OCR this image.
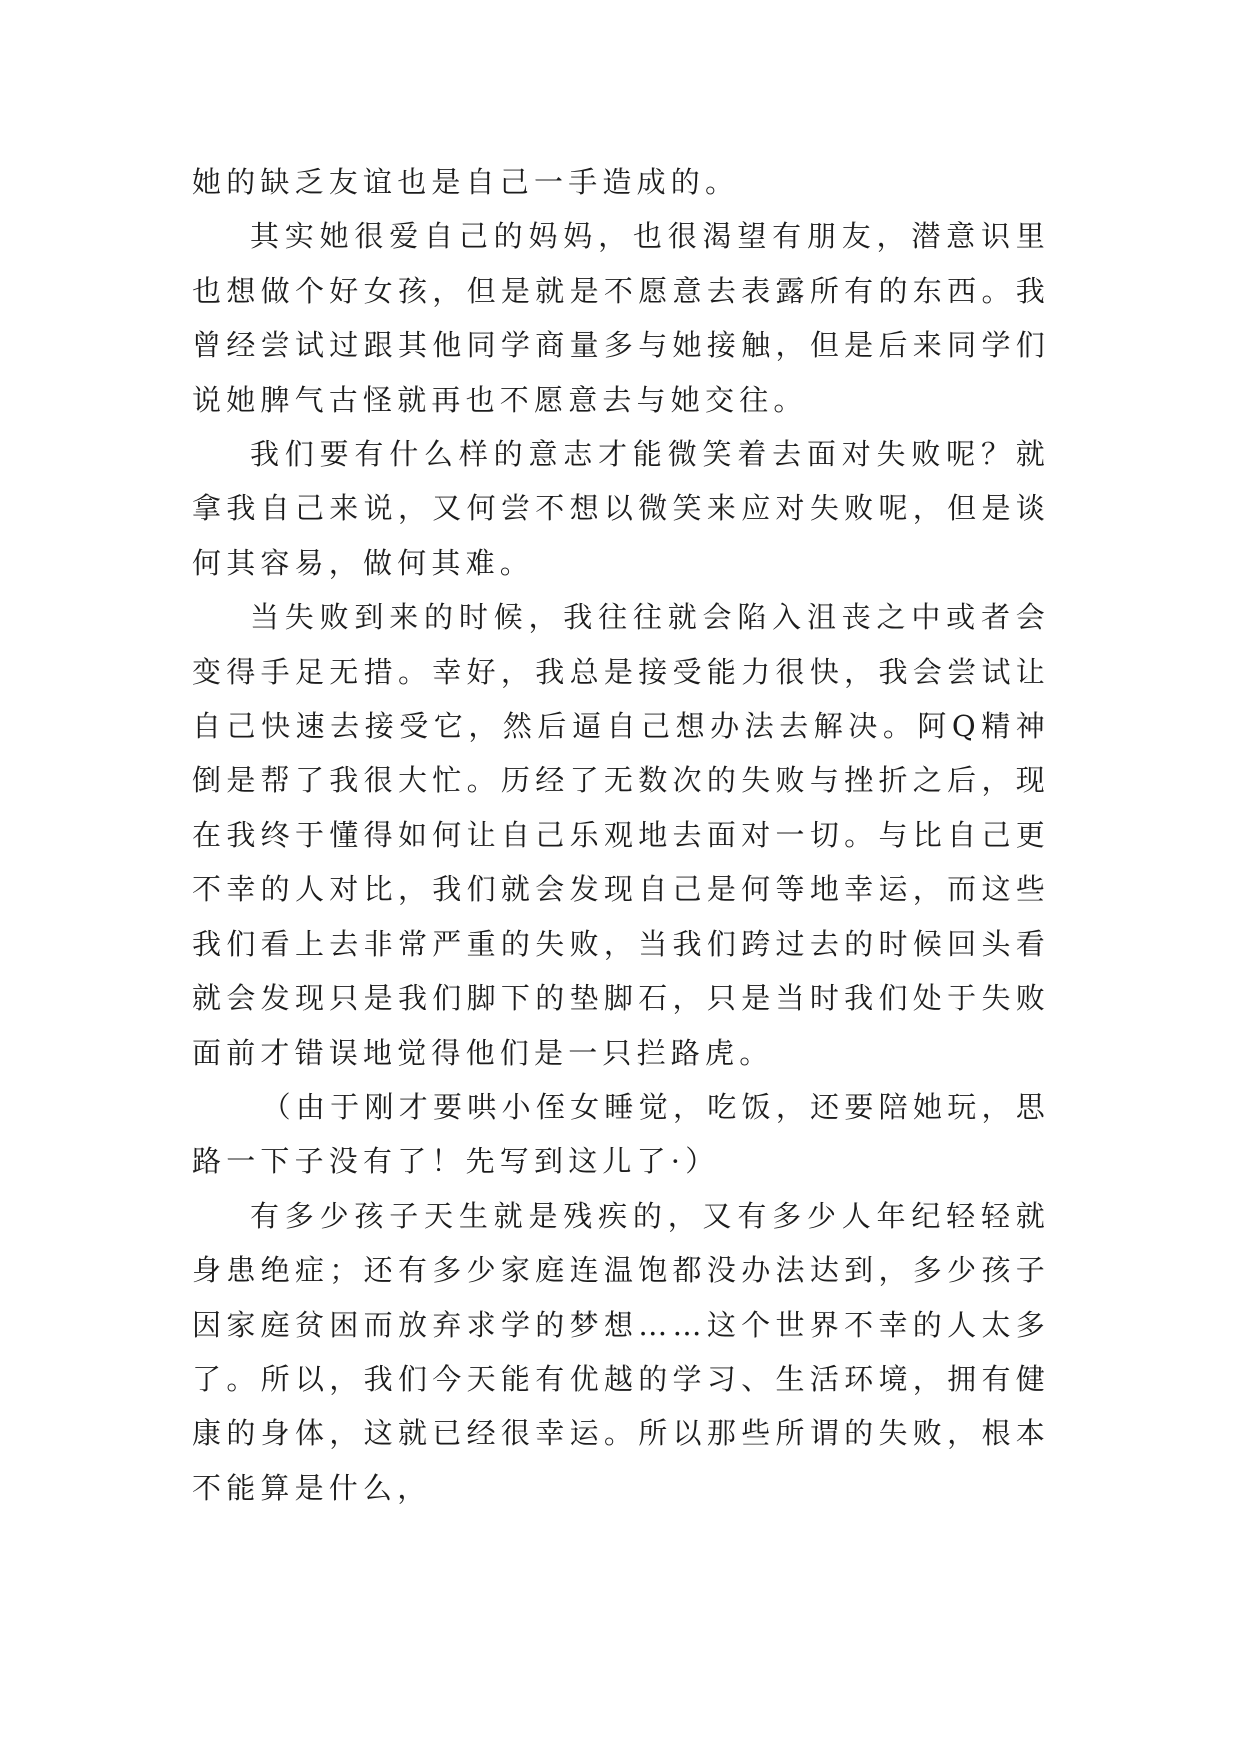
她的缺乏友谊也是自己一手造成的。

其实她很爱自己的妈妈，也很渴望有朋友，潜意识里也想做个好女孩，但是就是不愿意去表露所有的东西。我曾经尝试过跟其他同学商量多与她接触，但是后来同学们说她脾气古怪就再也不愿意去与她交往。

我们要有什么样的意志才能微笑着去面对失败呢？就拿我自己来说，又何尝不想以微笑来应对失败呢，但是谈何其容易，做何其难。

当失败到来的时候，我往往就会陷入沮丧之中或者会变得手足无措。幸好，我总是接受能力很快，我会尝试让自己快速去接受它，然后逼自己想办法去解决。阿Q精神倒是帮了我很大忙。历经了无数次的失败与挫折之后，现在我终于懂得如何让自己乐观地去面对一切。与比自己更不幸的人对比，我们就会发现自己是何等地幸运，而这些我们看上去非常严重的失败，当我们跨过去的时候回头看就会发现只是我们脚下的垫脚石，只是当时我们处于失败面前才错误地觉得他们是一只拦路虎。

（由于刚才要哄小侄女睡觉，吃饭，还要陪她玩，思路一下子没有了！先写到这儿了·）

有多少孩子天生就是残疾的，又有多少人年纪轻轻就身患绝症；还有多少家庭连温饱都没办法达到，多少孩子因家庭贫困而放弃求学的梦想……这个世界不幸的人太多了。所以，我们今天能有优越的学习、生活环境，拥有健康的身体，这就已经很幸运。所以那些所谓的失败，根本不能算是什么，
